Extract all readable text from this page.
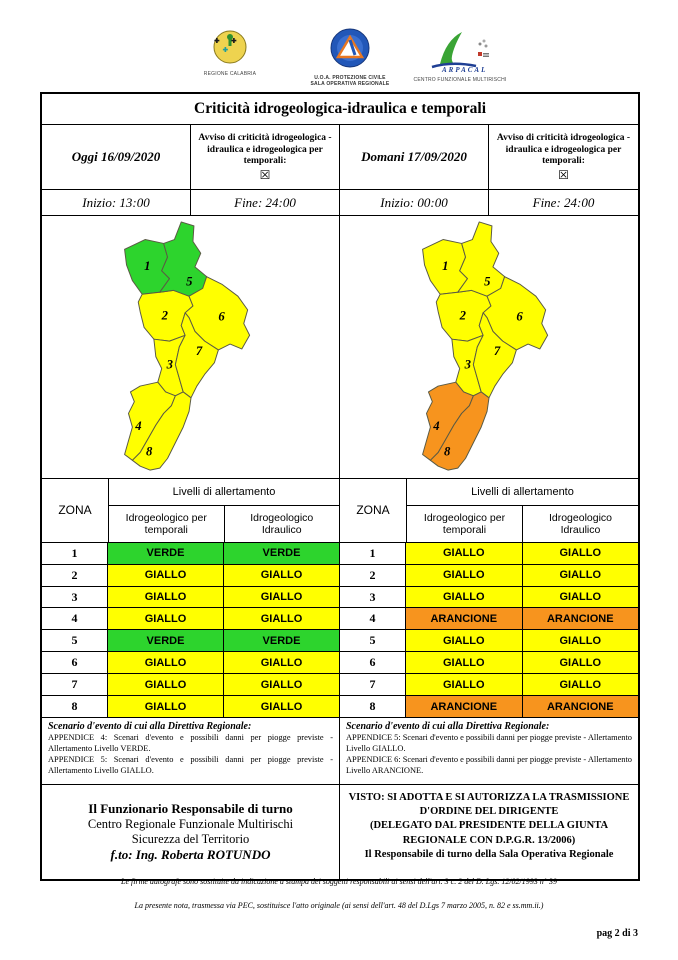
REGIONE CALABRIA
U.O.A. PROTEZIONE CIVILE
SALA OPERATIVA REGIONALE
ARPACAL
CENTRO FUNZIONALE MULTIRISCHI
Criticità idrogeologica-idraulica e temporali
Oggi 16/09/2020
Avviso di criticità idrogeologica - idraulica e idrogeologica per temporali:
☒
Domani 17/09/2020
Avviso di criticità idrogeologica - idraulica e idrogeologica per temporali:
☒
Inizio: 13:00	Fine: 24:00	Inizio: 00:00	Fine: 24:00
1
2
3
4
5
6
7
8
1
2
3
4
5
6
7
8
ZONA
Livelli di allertamento
Idrogeologico per temporali
Idrogeologico Idraulico
1	VERDE	VERDE
2	GIALLO	GIALLO
3	GIALLO	GIALLO
4	GIALLO	GIALLO
5	VERDE	VERDE
6	GIALLO	GIALLO
7	GIALLO	GIALLO
8	GIALLO	GIALLO
ZONA
Livelli di allertamento
Idrogeologico per temporali
Idrogeologico Idraulico
1	GIALLO	GIALLO
2	GIALLO	GIALLO
3	GIALLO	GIALLO
4	ARANCIONE	ARANCIONE
5	GIALLO	GIALLO
6	GIALLO	GIALLO
7	GIALLO	GIALLO
8	ARANCIONE	ARANCIONE
Scenario d'evento di cui alla Direttiva Regionale:
APPENDICE 4: Scenari d'evento e possibili danni per piogge previste - Allertamento Livello VERDE.
APPENDICE 5: Scenari d'evento e possibili danni per piogge previste - Allertamento Livello GIALLO.
Scenario d'evento di cui alla Direttiva Regionale:
APPENDICE 5: Scenari d'evento e possibili danni per piogge previste - Allertamento Livello GIALLO.
APPENDICE 6: Scenari d'evento e possibili danni per piogge previste - Allertamento Livello ARANCIONE.
Il Funzionario Responsabile di turno
Centro Regionale Funzionale Multirischi
Sicurezza del Territorio
f.to: Ing. Roberta ROTUNDO
VISTO: SI ADOTTA E SI AUTORIZZA LA TRASMISSIONE
D'ORDINE DEL DIRIGENTE
(DELEGATO DAL PRESIDENTE DELLA GIUNTA
REGIONALE CON D.P.G.R. 13/2006)
Il Responsabile di turno della Sala Operativa Regionale
Le firme autografe sono sostituite da indicazione a stampa dei soggetti responsabili ai sensi dell'art. 3 c. 2 del D. Lgs. 12/02/1993 n° 39
La presente nota, trasmessa via PEC, sostituisce l'atto originale (ai sensi dell'art. 48 del D.Lgs 7 marzo 2005, n. 82 e ss.mm.ii.)
pag 2 di 3
